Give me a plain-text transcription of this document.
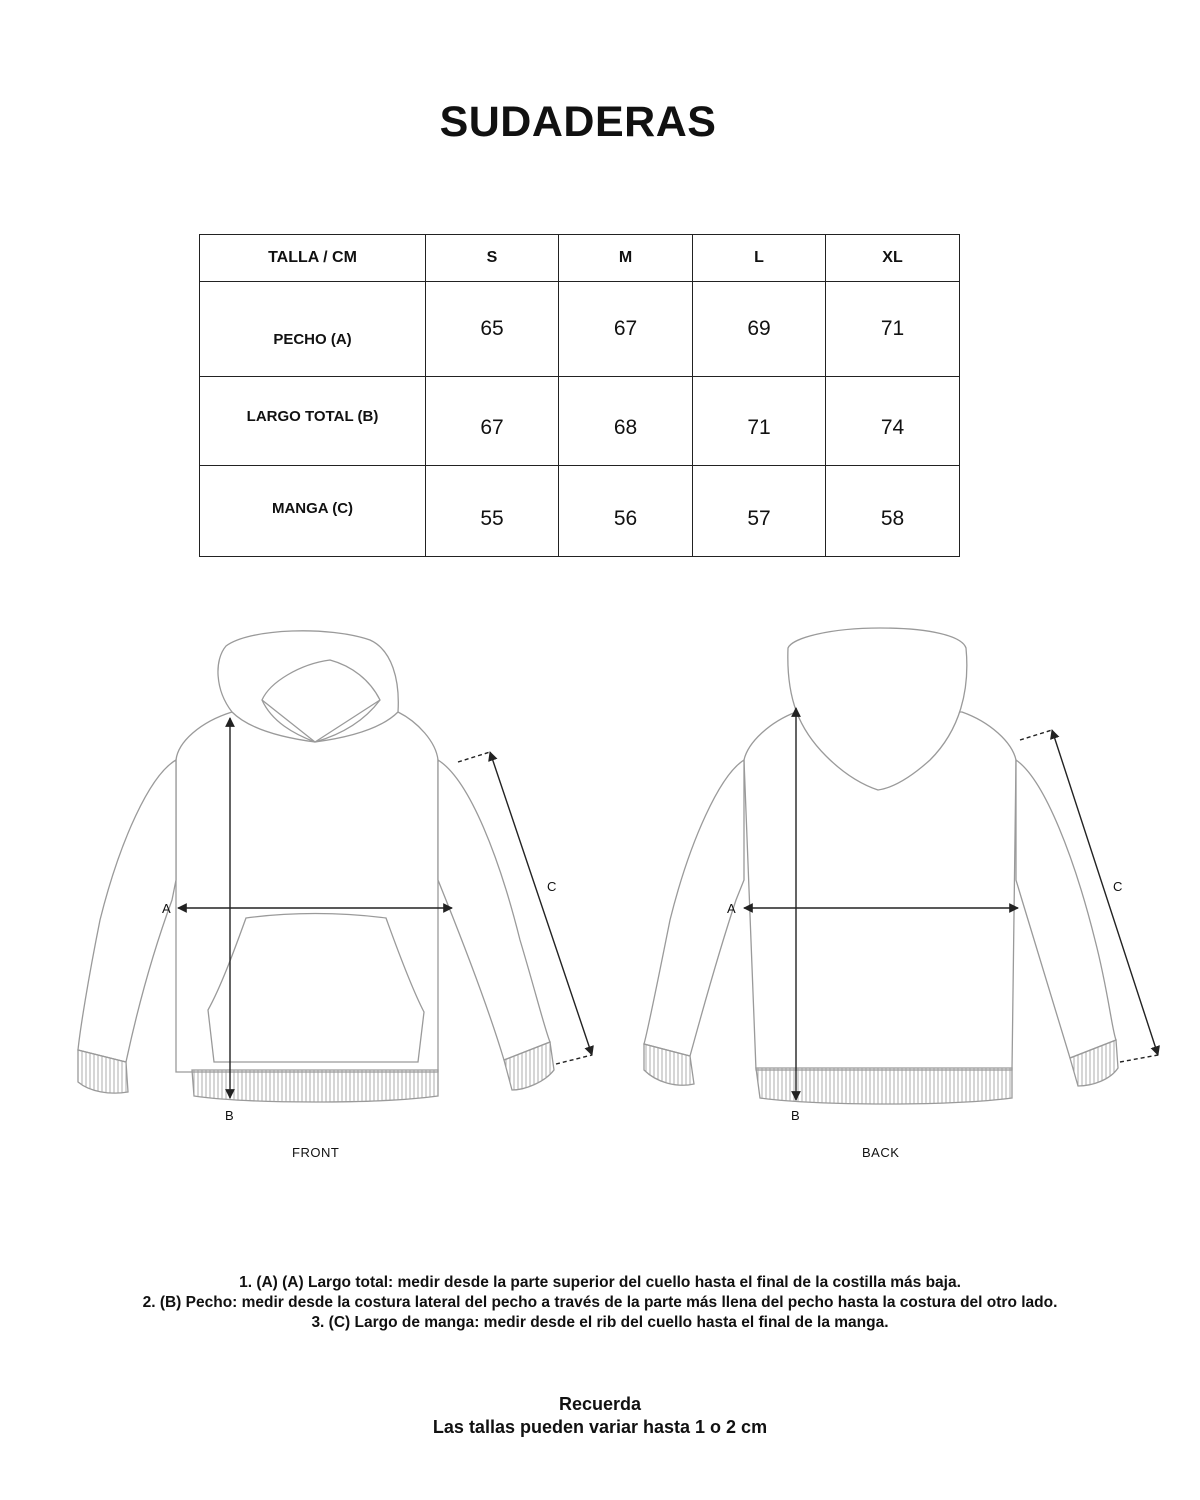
SUDADERAS
TALLA / CM	S	M	L	XL
PECHO (A)	65	67	69	71
LARGO TOTAL (B)	67	68	71	74
MANGA (C)	55	56	57	58
A
B
C
A
B
C
FRONT	BACK
1. (A) (A) Largo total: medir desde la parte superior del cuello hasta el final de la costilla más baja.
2. (B) Pecho: medir desde la costura lateral del pecho a través de la parte más llena del pecho hasta la costura del otro lado.
3. (C) Largo de manga: medir desde el rib del cuello hasta el final de la manga.
Recuerda
Las tallas pueden variar hasta 1 o 2 cm
